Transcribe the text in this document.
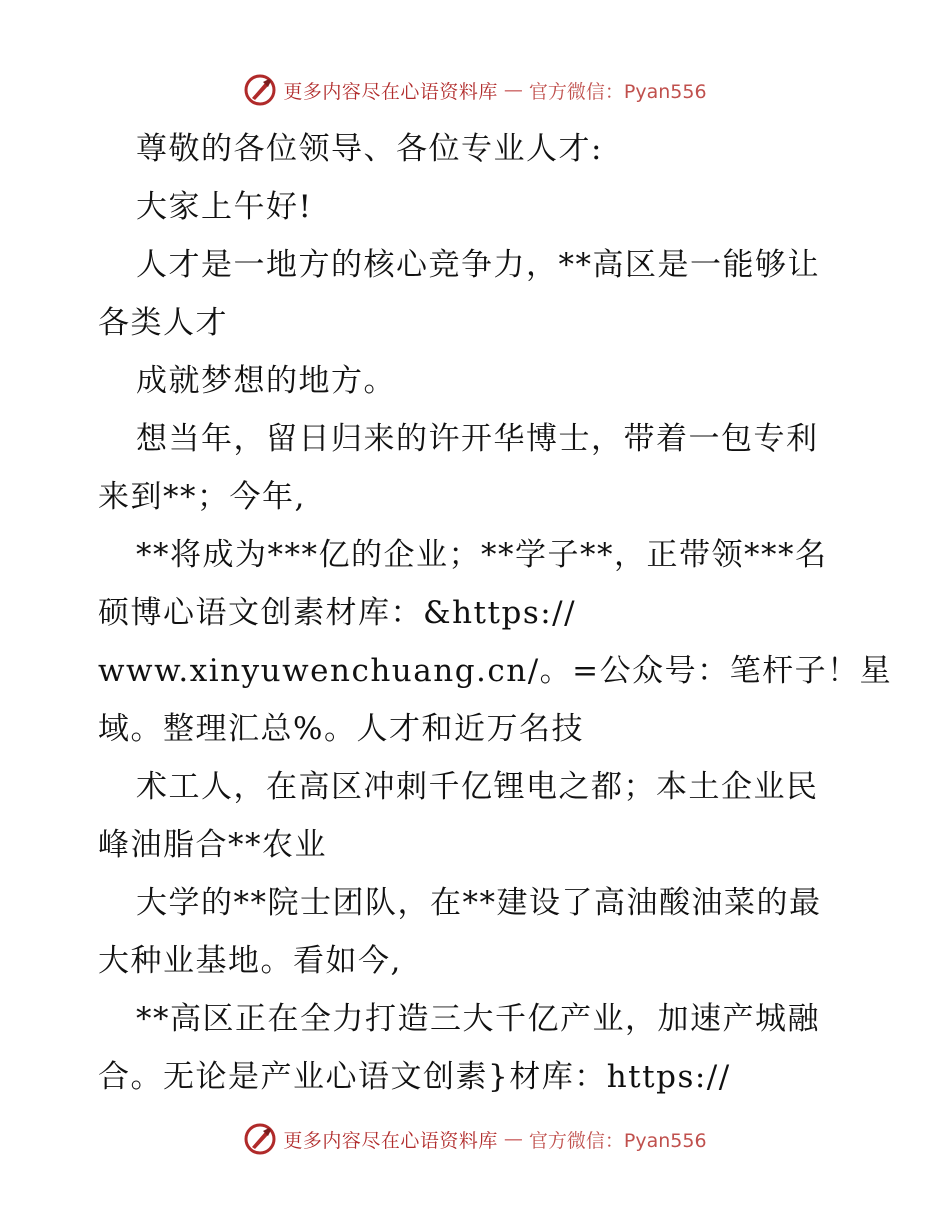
更多内容尽在心语资料库 — 官方微信：Pyan556
尊敬的各位领导、各位专业人才:
大家上午好!
人才是一地方的核心竞争力，**高区是一能够让
各类人才
成就梦想的地方。
想当年，留日归来的许开华博士，带着一包专利
来到**；今年,
**将成为***亿的企业；**学子**，正带领***名
硕博心语文创素材库：&https://
www.xinyuwenchuang.cn/。=公众号：笔杆子！星
域。整理汇总%。人才和近万名技
术工人，在高区冲刺千亿锂电之都；本土企业民
峰油脂合**农业
大学的**院士团队，在**建设了高油酸油菜的最
大种业基地。看如今,
**高区正在全力打造三大千亿产业，加速产城融
合。无论是产业心语文创素}材库：https://
更多内容尽在心语资料库 — 官方微信：Pyan556
